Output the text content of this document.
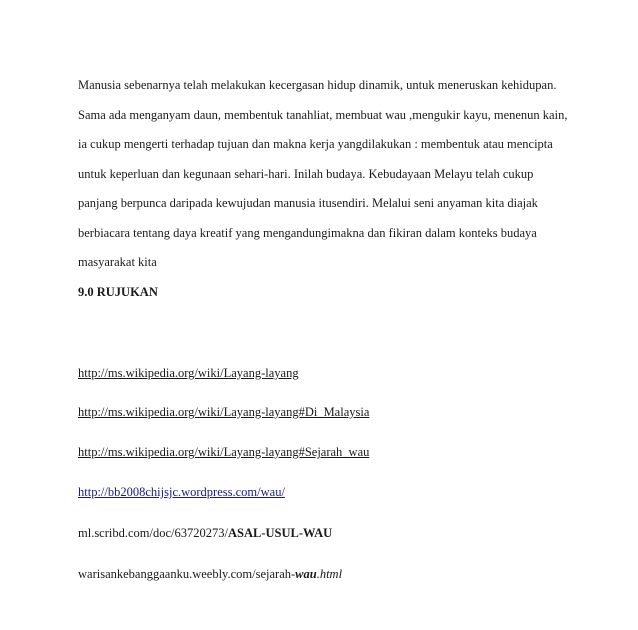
Manusia sebenarnya telah melakukan kecergasan hidup dinamik, untuk meneruskan kehidupan.
Sama ada menganyam daun, membentuk tanahliat, membuat wau ,mengukir kayu, menenun kain,
ia cukup mengerti terhadap tujuan dan makna kerja yangdilakukan : membentuk atau mencipta
untuk keperluan dan kegunaan sehari-hari. Inilah budaya. Kebudayaan Melayu telah cukup
panjang berpunca daripada kewujudan manusia itusendiri. Melalui seni anyaman kita diajak
berbiacara tentang daya kreatif yang mengandungimakna dan fikiran dalam konteks budaya
masyarakat kita
9.0 RUJUKAN
http://ms.wikipedia.org/wiki/Layang-layang
http://ms.wikipedia.org/wiki/Layang-layang#Di_Malaysia
http://ms.wikipedia.org/wiki/Layang-layang#Sejarah_wau
http://bb2008chijsjc.wordpress.com/wau/
ml.scribd.com/doc/63720273/ASAL-USUL-WAU
warisankebanggaanku.weebly.com/sejarah-wau.html
